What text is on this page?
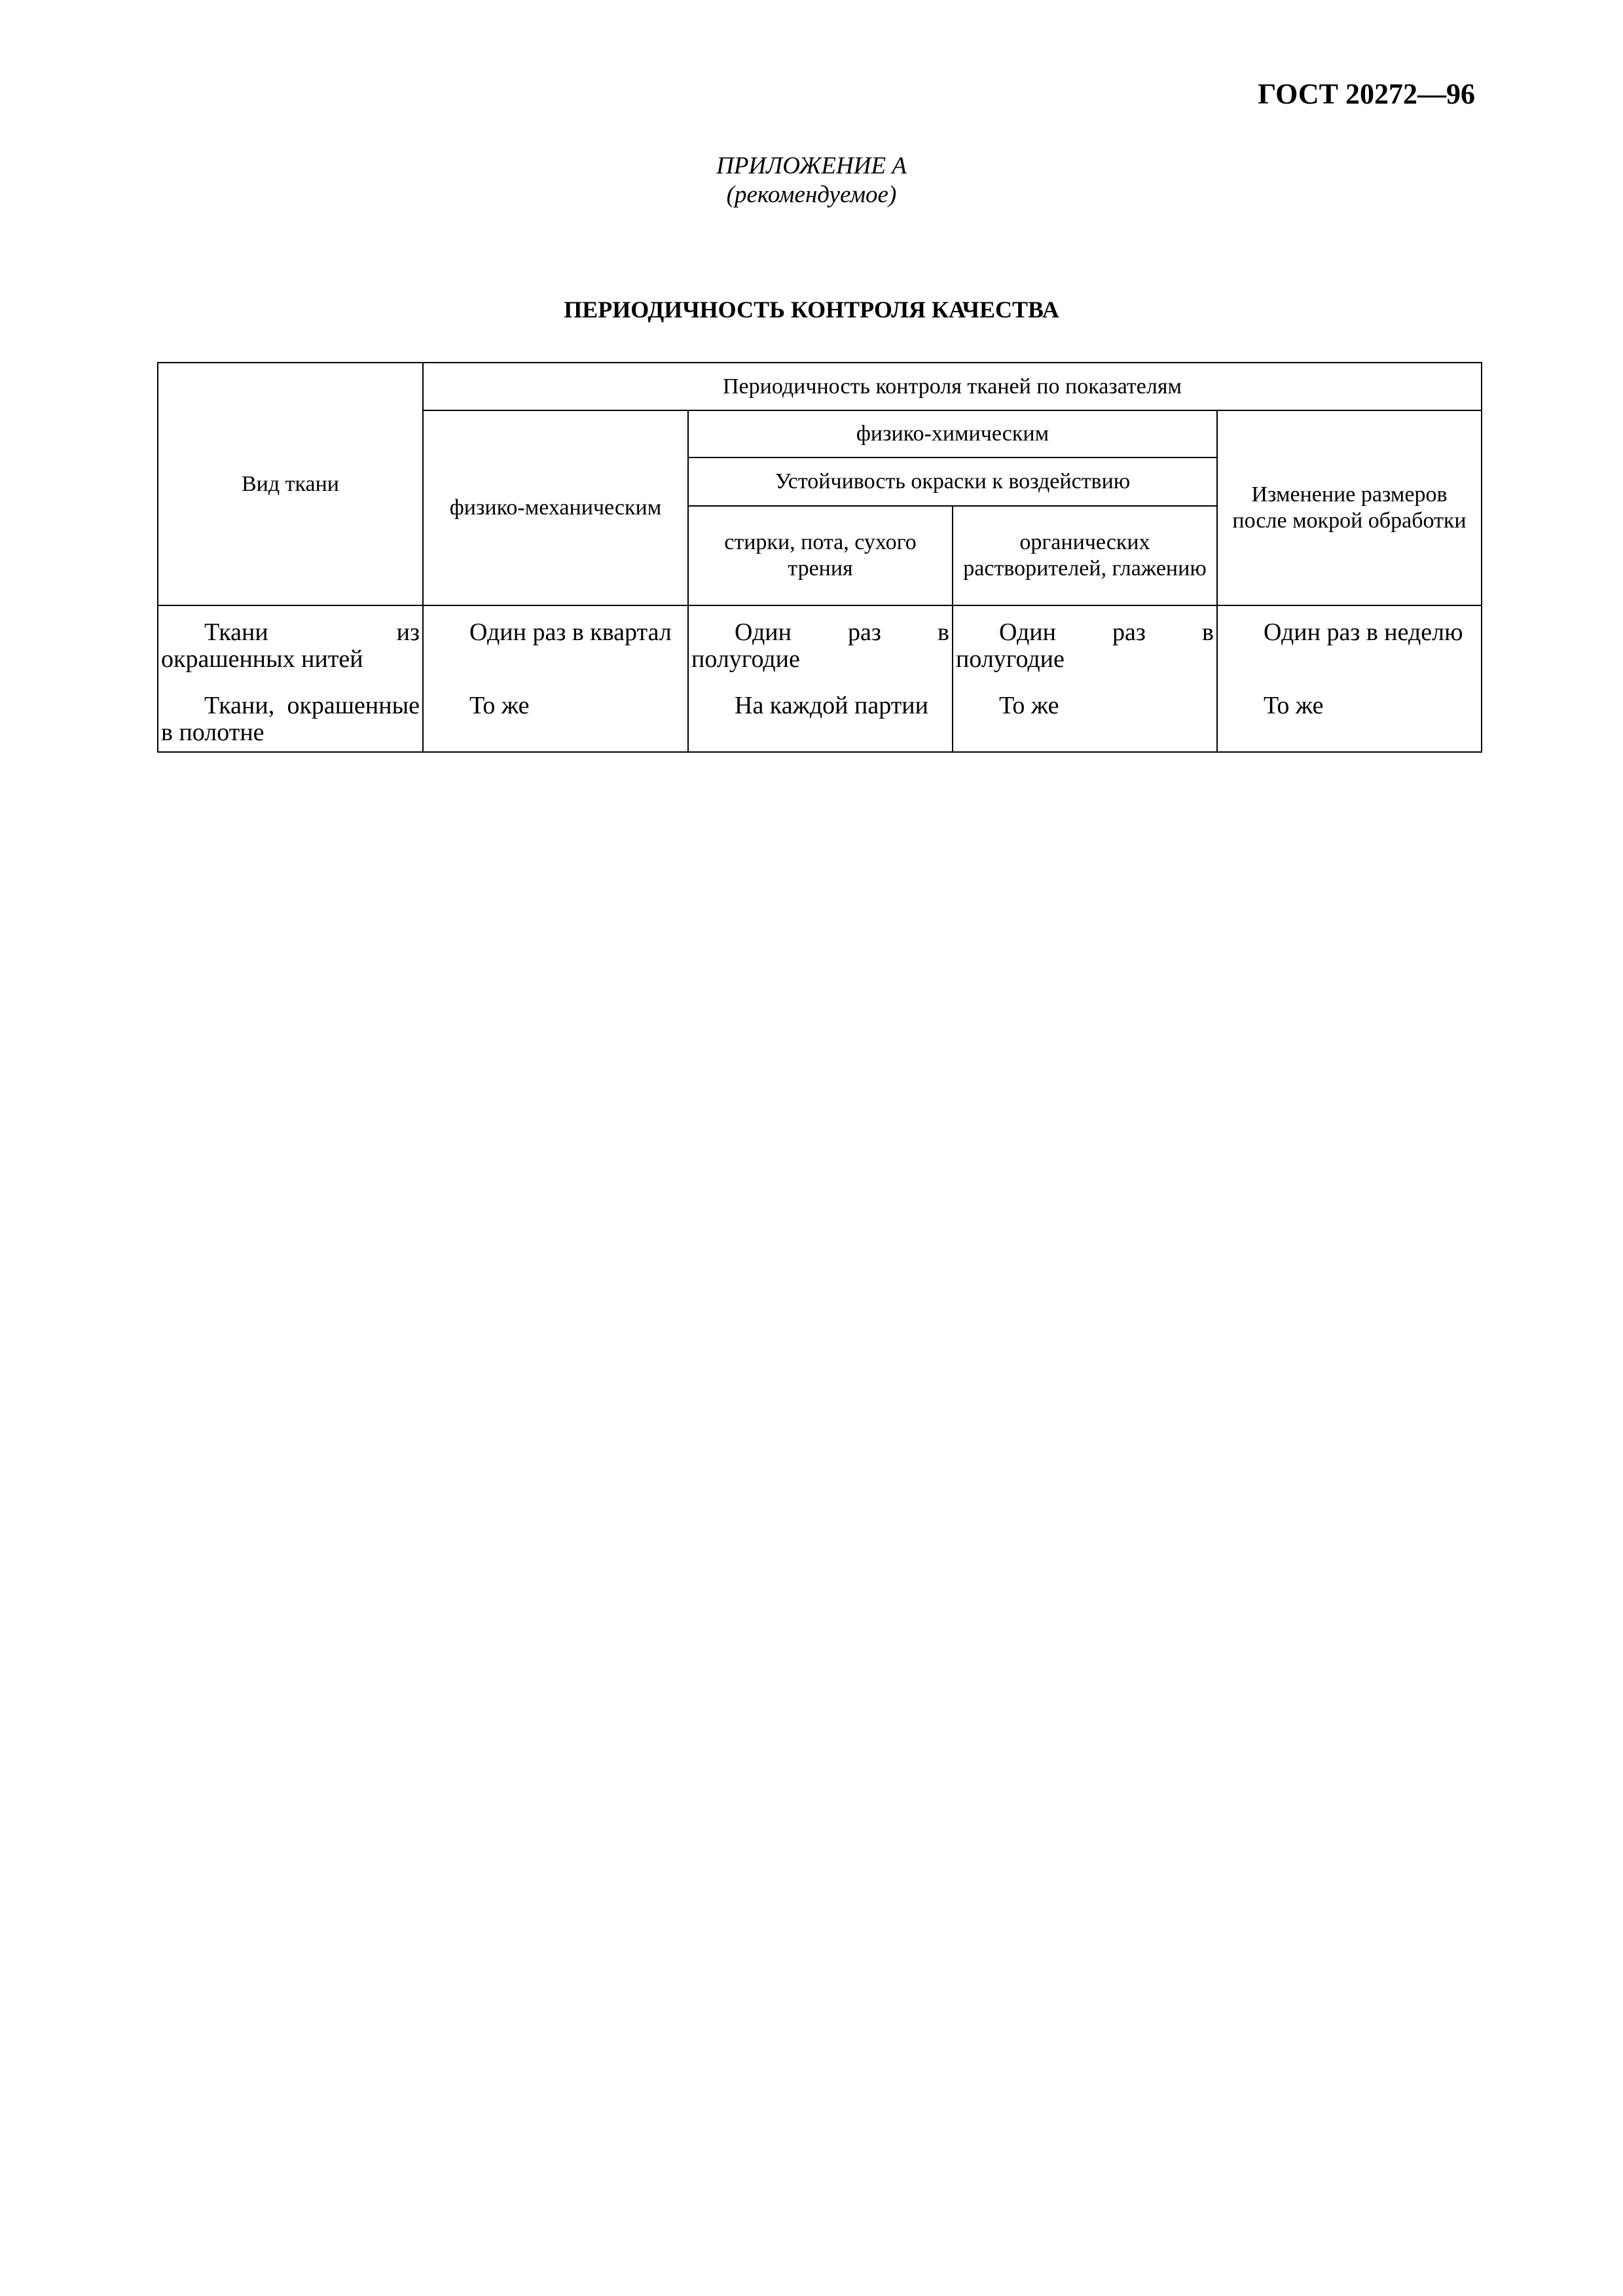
ГОСТ 20272—96
ПРИЛОЖЕНИЕ А
(рекомендуемое)
ПЕРИОДИЧНОСТЬ КОНТРОЛЯ КАЧЕСТВА
Вид ткани	Периодичность контроля тканей по показателям			
	физико-механическим	физико-химическим		Изменение размеров после мокрой обработки
		Устойчивость окраски к воздействию		
		стирки, пота, сухого трения	органических растворителей, глажению	

Ткани из окрашенных нитей	Один раз в квартал	Один раз в полугодие	Один раз в полугодие	Один раз в неделю

Ткани, окрашенные в полотне	То же	На каждой партии	То же	То же
